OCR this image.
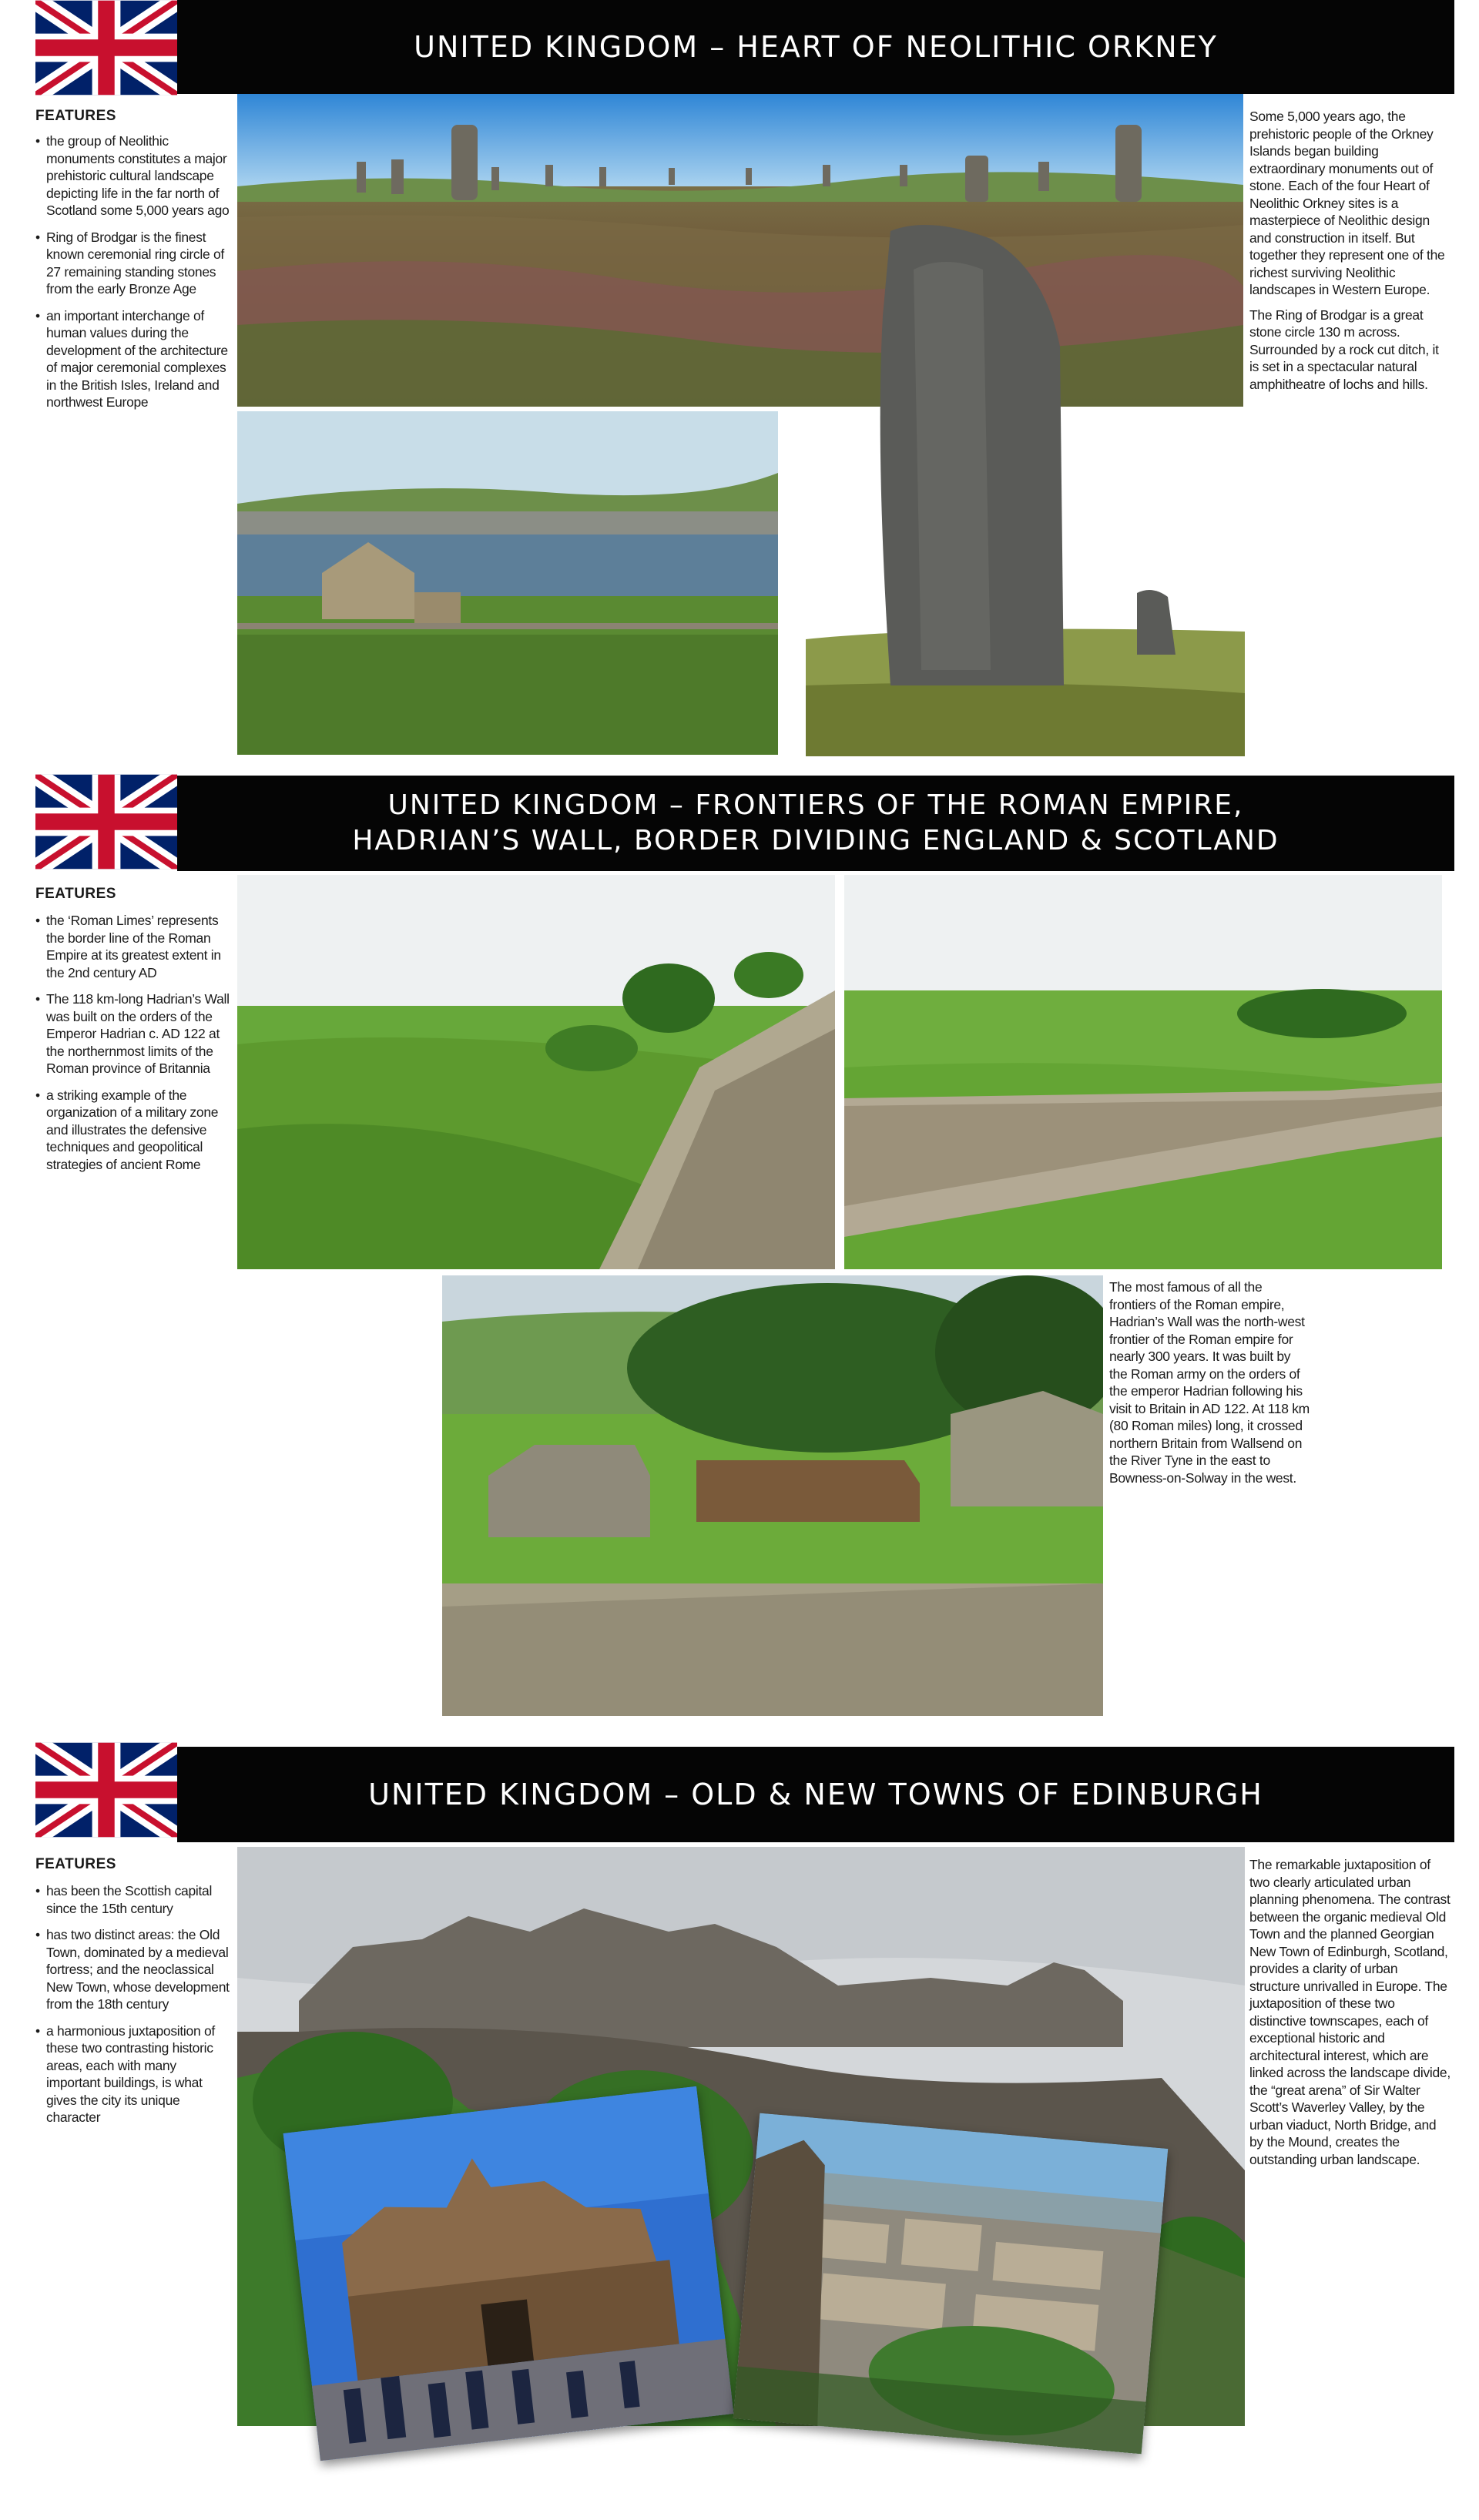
UNITED KINGDOM – HEART OF NEOLITHIC ORKNEY
FEATURES
• the group of Neolithic monuments constitutes a major prehistoric cultural landscape depicting life in the far north of Scotland some 5,000 years ago
• Ring of Brodgar is the finest known ceremonial ring circle of 27 remaining standing stones from the early Bronze Age
• an important interchange of human values during the development of the architecture of major ceremonial complexes in the British Isles, Ireland and northwest Europe

Some 5,000 years ago, the prehistoric people of the Orkney Islands began building extraordinary monuments out of stone. Each of the four Heart of Neolithic Orkney sites is a masterpiece of Neolithic design and construction in itself. But together they represent one of the richest surviving Neolithic landscapes in Western Europe.

The Ring of Brodgar is a great stone circle 130 m across. Surrounded by a rock cut ditch, it is set in a spectacular natural amphitheatre of lochs and hills.

UNITED KINGDOM – FRONTIERS OF THE ROMAN EMPIRE,
HADRIAN’S WALL, BORDER DIVIDING ENGLAND & SCOTLAND
FEATURES
• the ‘Roman Limes’ represents the border line of the Roman Empire at its greatest extent in the 2nd century AD
• The 118 km-long Hadrian’s Wall was built on the orders of the Emperor Hadrian c. AD 122 at the northernmost limits of the Roman province of Britannia
• a striking example of the organization of a military zone and illustrates the defensive techniques and geopolitical strategies of ancient Rome

The most famous of all the frontiers of the Roman empire, Hadrian’s Wall was the north-west frontier of the Roman empire for nearly 300 years. It was built by the Roman army on the orders of the emperor Hadrian following his visit to Britain in AD 122. At 118 km (80 Roman miles) long, it crossed northern Britain from Wallsend on the River Tyne in the east to Bowness-on-Solway in the west.

UNITED KINGDOM – OLD & NEW TOWNS OF EDINBURGH
FEATURES
• has been the Scottish capital since the 15th century
• has two distinct areas: the Old Town, dominated by a medieval fortress; and the neoclassical New Town, whose development from the 18th century
• a harmonious juxtaposition of these two contrasting historic areas, each with many important buildings, is what gives the city its unique character

The remarkable juxtaposition of two clearly articulated urban planning phenomena. The contrast between the organic medieval Old Town and the planned Georgian New Town of Edinburgh, Scotland, provides a clarity of urban structure unrivalled in Europe. The juxtaposition of these two distinctive townscapes, each of exceptional historic and architectural interest, which are linked across the landscape divide, the “great arena” of Sir Walter Scott’s Waverley Valley, by the urban viaduct, North Bridge, and by the Mound, creates the outstanding urban landscape.
